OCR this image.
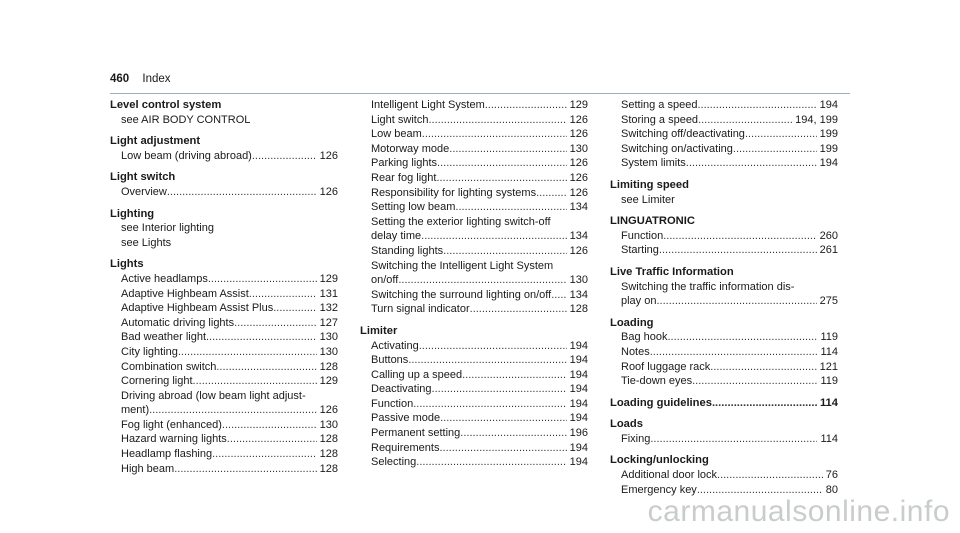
460 Index
Level control system
see AIR BODY CONTROL
Light adjustment
Low beam (driving abroad) .....	126
Light switch
Overview .....	126
Lighting
see Interior lighting
see Lights
Lights
Active headlamps .....	129
Adaptive Highbeam Assist .....	131
Adaptive Highbeam Assist Plus .....	132
Automatic driving lights .....	127
Bad weather light .....	130
City lighting .....	130
Combination switch .....	128
Cornering light .....	129
Driving abroad (low beam light adjust-
ment) .....	126
Fog light (enhanced) .....	130
Hazard warning lights .....	128
Headlamp flashing .....	128
High beam .....	128
Intelligent Light System .....	129
Light switch .....	126
Low beam .....	126
Motorway mode .....	130
Parking lights .....	126
Rear fog light .....	126
Responsibility for lighting systems .....	126
Setting low beam .....	134
Setting the exterior lighting switch-off
delay time .....	134
Standing lights .....	126
Switching the Intelligent Light System
on/off .....	130
Switching the surround lighting on/off ..... 134
Turn signal indicator .....	128
Limiter
Activating .....	194
Buttons .....	194
Calling up a speed .....	194
Deactivating .....	194
Function .....	194
Passive mode .....	194
Permanent setting .....	196
Requirements .....	194
Selecting .....	194
Setting a speed .....	194
Storing a speed .....	194, 199
Switching off/deactivating .....	199
Switching on/activating .....	199
System limits .....	194
Limiting speed
see Limiter
LINGUATRONIC
Function .....	260
Starting .....	261
Live Traffic Information
Switching the traffic information dis-
play on .....	275
Loading
Bag hook .....	119
Notes .....	114
Roof luggage rack .....	121
Tie-down eyes .....	119
Loading guidelines .....	114
Loads
Fixing .....	114
Locking/unlocking
Additional door lock .....	76
Emergency key .....	80
carmanualsonline.info
